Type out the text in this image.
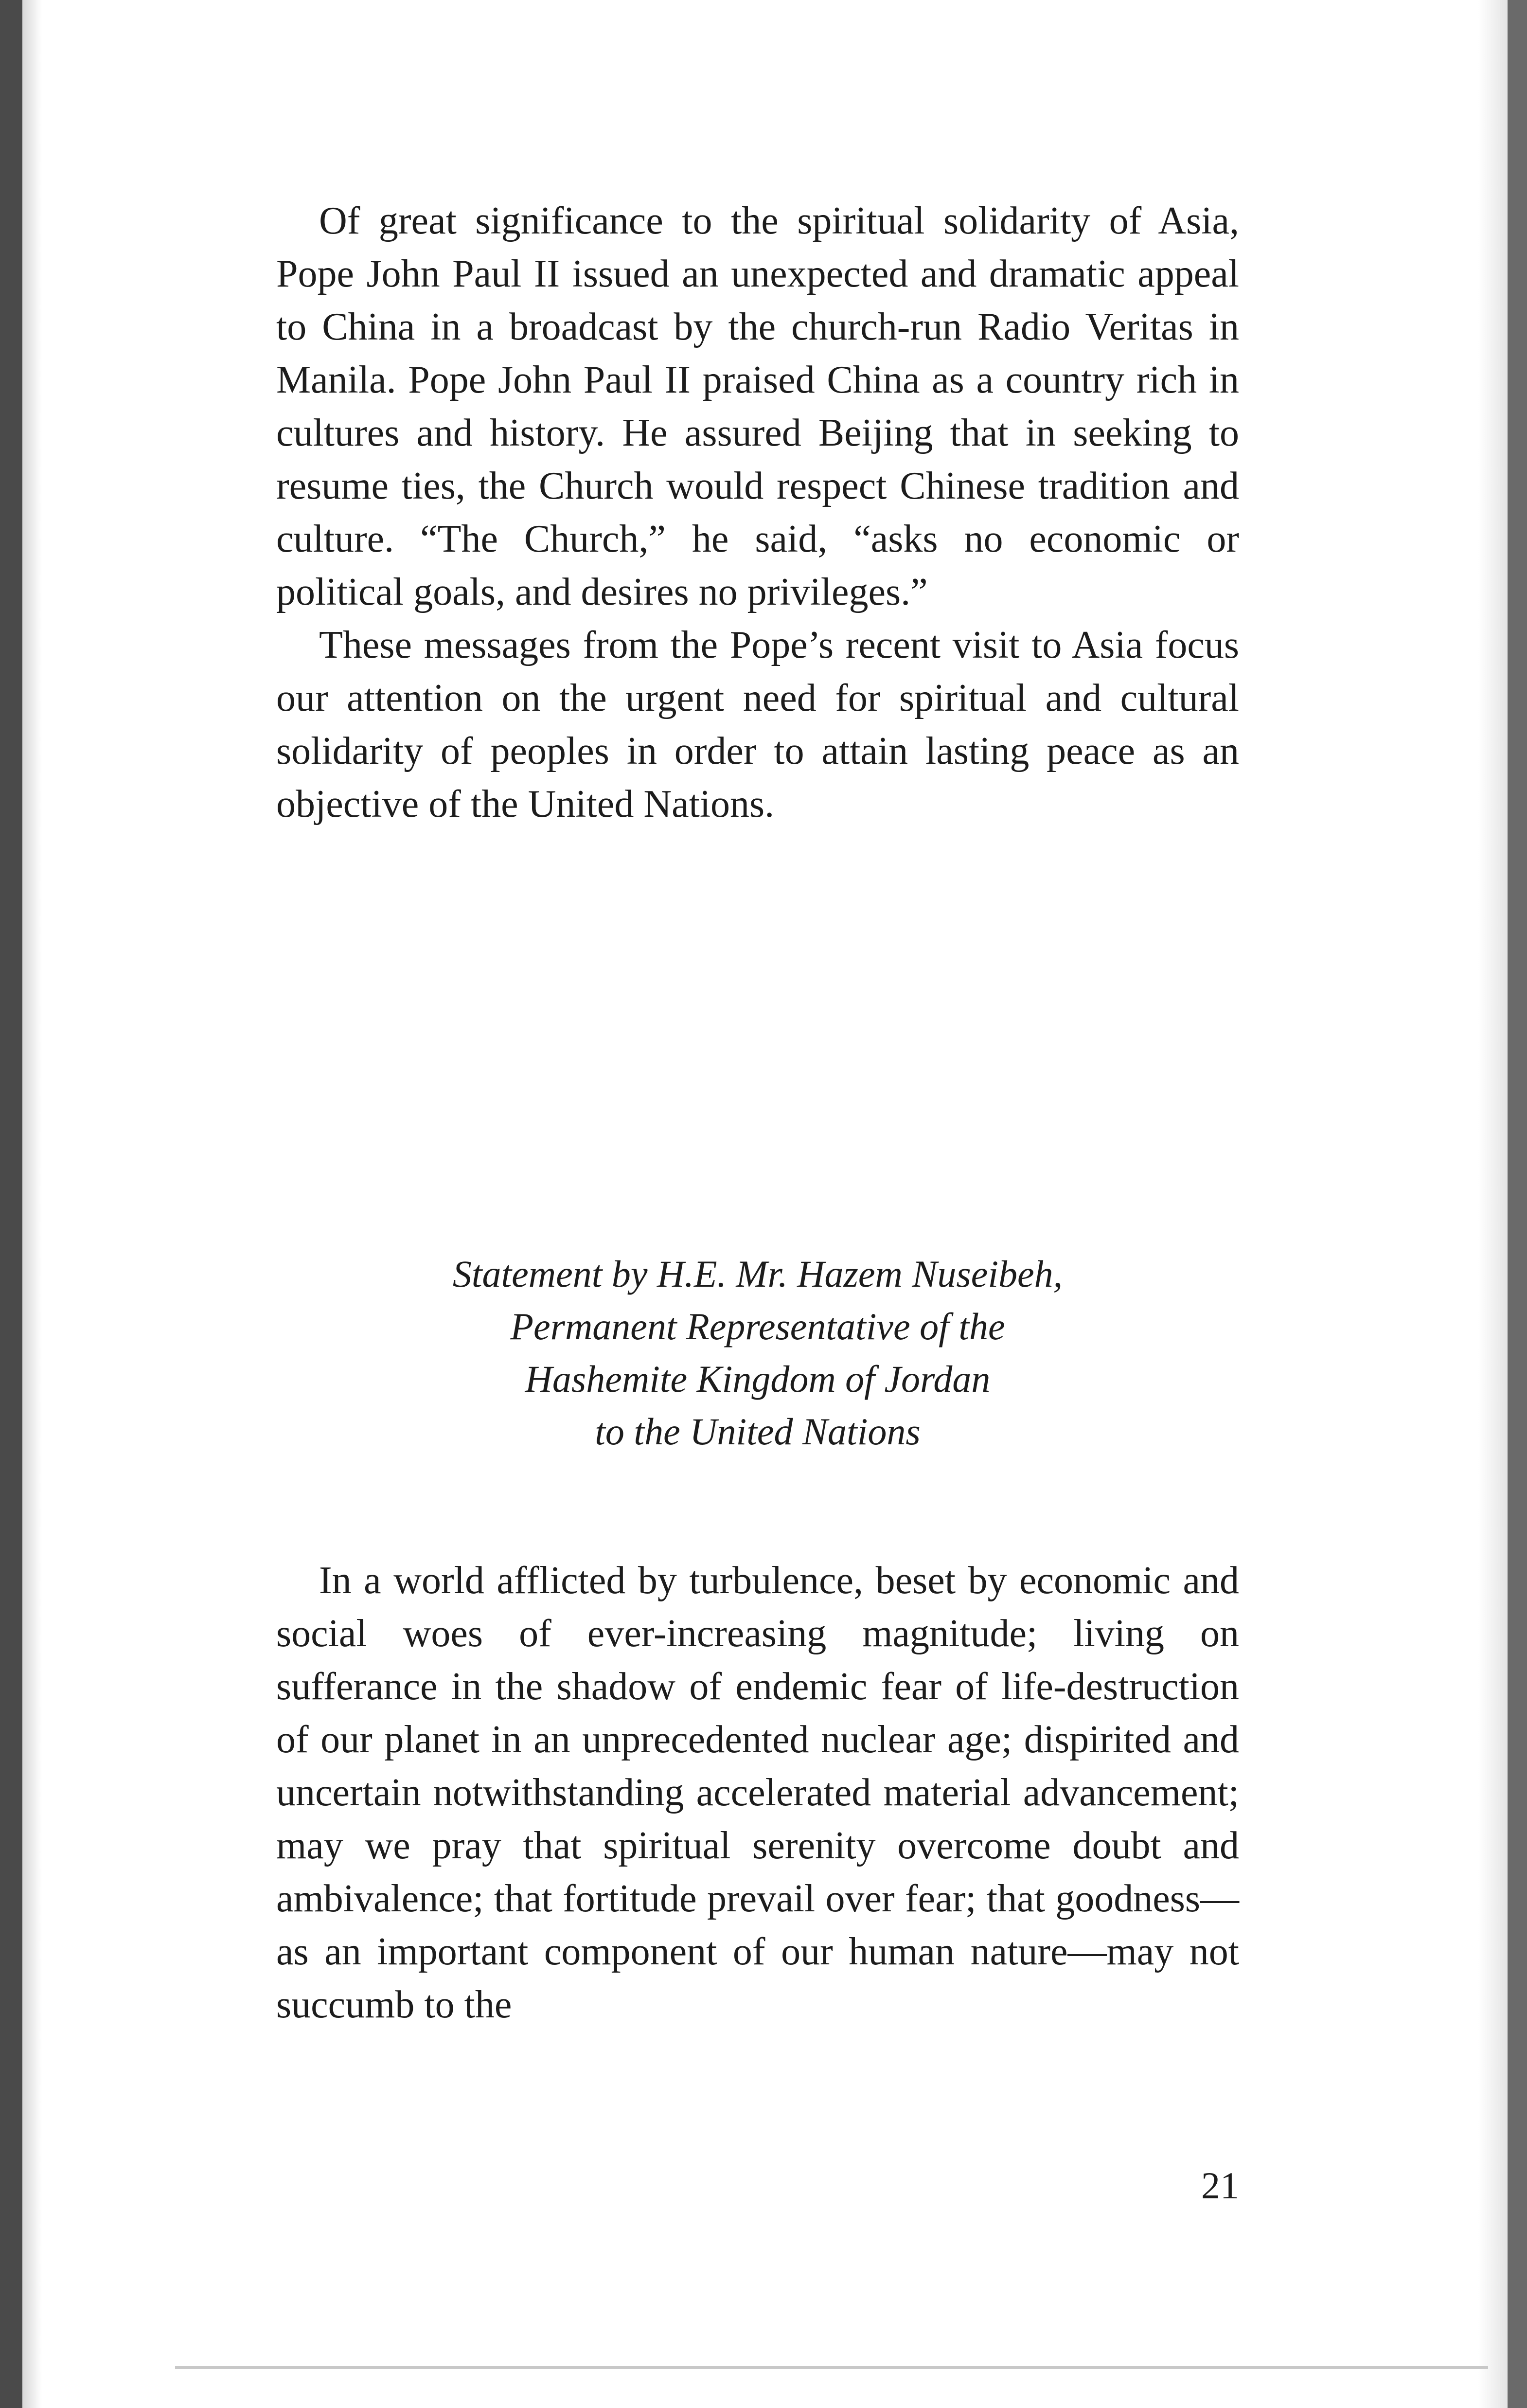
Of great significance to the spiritual solidarity of Asia, Pope John Paul II issued an unexpected and dramatic appeal to China in a broadcast by the church-run Radio Veritas in Manila. Pope John Paul II praised China as a country rich in cultures and history. He assured Beijing that in seeking to resume ties, the Church would respect Chinese tradition and culture. “The Church,” he said, “asks no economic or political goals, and desires no privileges.”

These messages from the Pope’s recent visit to Asia focus our attention on the urgent need for spiritual and cultural solidarity of peoples in order to attain lasting peace as an objective of the United Nations.

Statement by H.E. Mr. Hazem Nuseibeh,
Permanent Representative of the
Hashemite Kingdom of Jordan
to the United Nations

In a world afflicted by turbulence, beset by economic and social woes of ever-increasing magnitude; living on sufferance in the shadow of endemic fear of life-destruction of our planet in an unprecedented nuclear age; dispirited and uncertain notwithstanding accelerated material advancement; may we pray that spiritual serenity overcome doubt and ambivalence; that fortitude prevail over fear; that goodness—as an important component of our human nature—may not succumb to the

21
